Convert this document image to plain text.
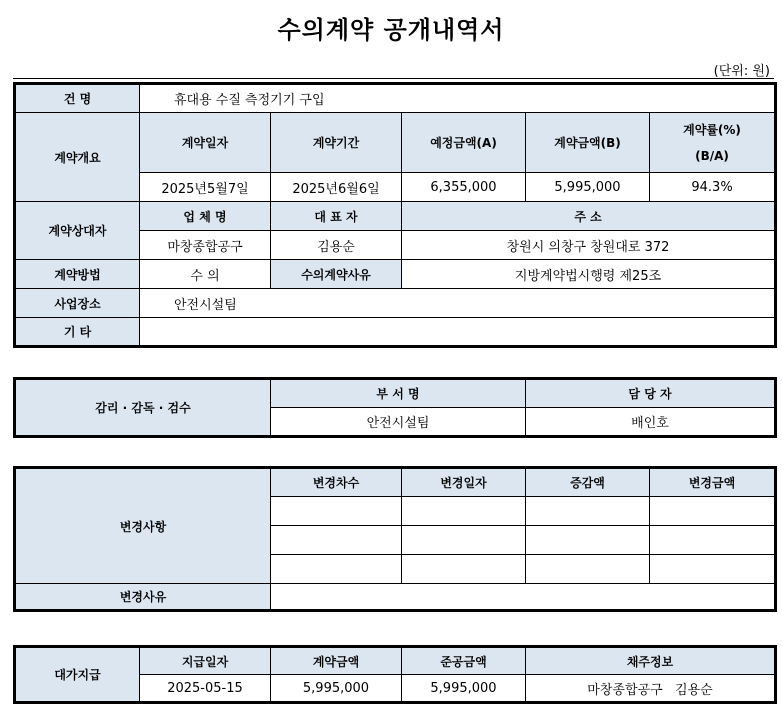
수의계약 공개내역서
(단위: 원)
건 명	휴대용 수질 측정기기 구입				
계약개요	계약일자	계약기간	예정금액(A)	계약금액(B)	계약률(%)
(B/A)

	2025년5월7일	2025년6월6일	6,355,000	5,995,000	94.3%
계약상대자	업 체 명	대 표 자	주 소		
	마창종합공구	김용순	창원시 의창구 창원대로 372		
계약방법	수 의	수의계약사유	지방계약법시행령 제25조		
사업장소	안전시설팀				
기 타					
감리 · 감독 · 검수	부 서 명	담 당 자
	안전시설팀	배인호
변경사항	변경차수	변경일자	증감액	변경금액

변경사유				
대가지급	지급일자	계약금액	준공금액	채주정보
	2025-05-15	5,995,000	5,995,000	마창종합공구   김용순
